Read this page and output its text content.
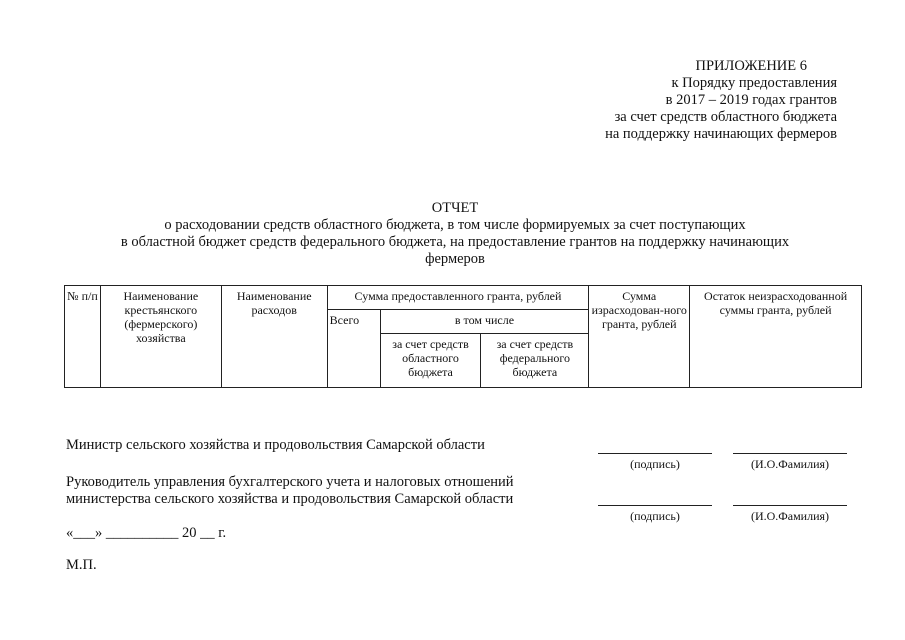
ПРИЛОЖЕНИЕ 6
к Порядку предоставления
в 2017 – 2019 годах грантов
за счет средств областного бюджета
на поддержку начинающих фермеров
ОТЧЕТ
о расходовании средств областного бюджета, в том числе формируемых за счет поступающих
в областной бюджет средств федерального бюджета, на предоставление грантов на поддержку начинающих
фермеров
№ п/п	Наименование крестьянского (фермерского) хозяйства	Наименование расходов	Сумма предоставленного гранта, рублей			Сумма израсходован-ного гранта, рублей	Остаток неизрасходованной суммы гранта, рублей
			Всего	в том числе			
				за счет средств областного бюджета	за счет средств федерального бюджета		
Министр сельского хозяйства и продовольствия Самарской области
(подпись)	(И.О.Фамилия)
Руководитель управления бухгалтерского учета и налоговых отношений
министерства сельского хозяйства и продовольствия Самарской области
(подпись)	(И.О.Фамилия)
«___» __________ 20 __ г.
М.П.
